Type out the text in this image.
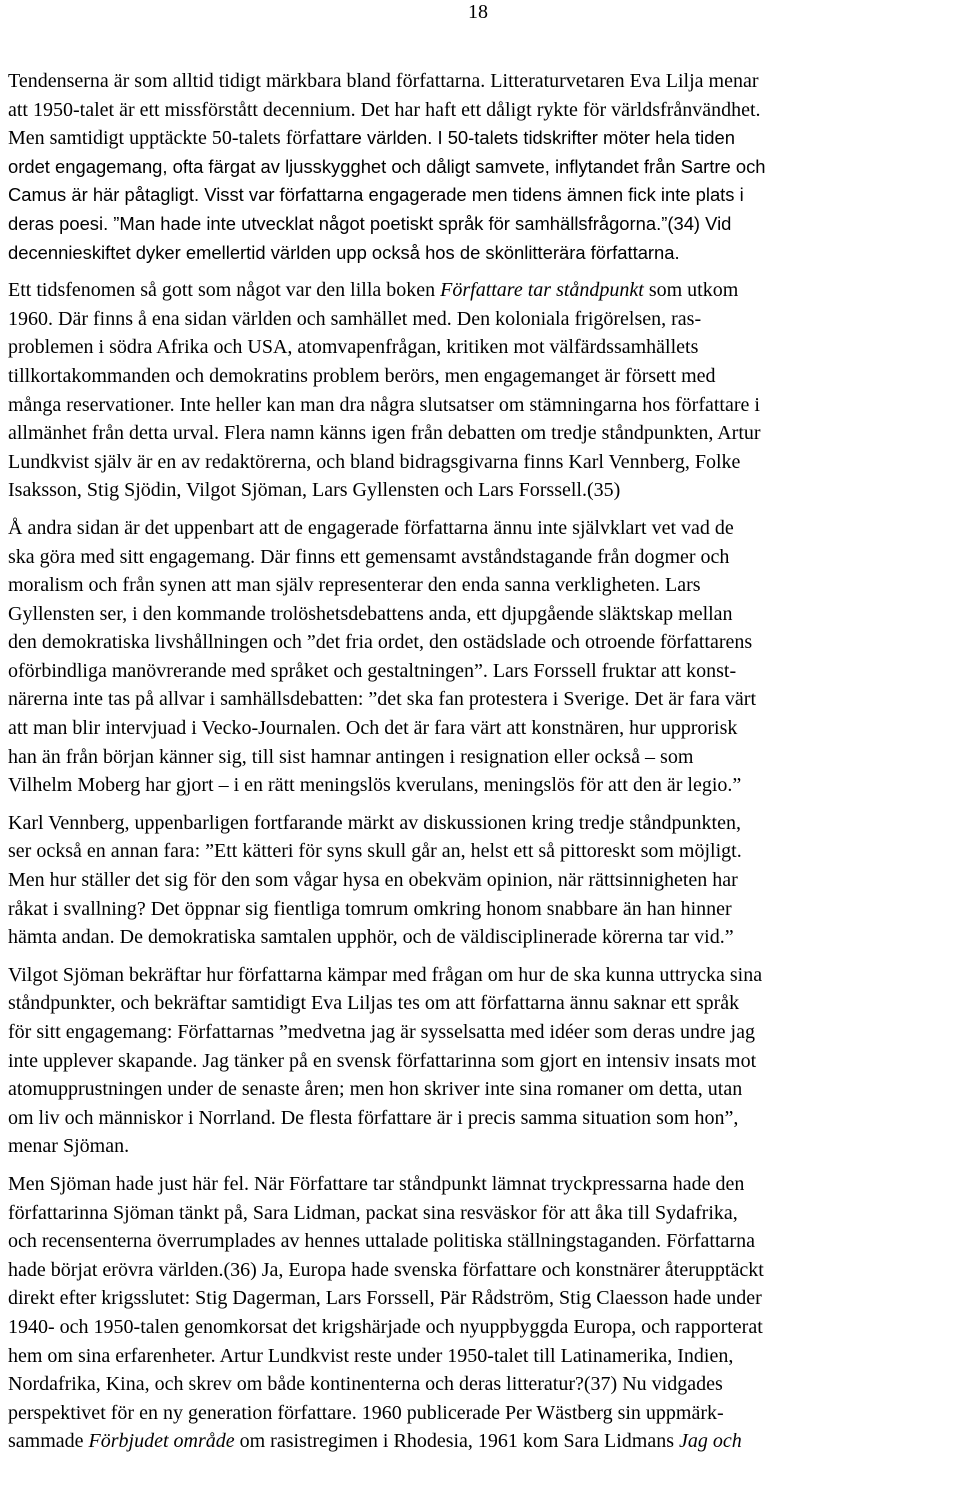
18
Tendenserna är som alltid tidigt märkbara bland författarna. Litteraturvetaren Eva Lilja menar
att 1950-talet är ett missförstått decennium. Det har haft ett dåligt rykte för världsfrånvändhet.
Men samtidigt upptäckte 50-talets författare världen. I 50-talets tidskrifter möter hela tiden
ordet engagemang, ofta färgat av ljusskygghet och dåligt samvete, inflytandet från Sartre och
Camus är här påtagligt. Visst var författarna engagerade men tidens ämnen fick inte plats i
deras poesi. ”Man hade inte utvecklat något poetiskt språk för samhällsfrågorna.”(34) Vid
decennieskiftet dyker emellertid världen upp också hos de skönlitterära författarna.
Ett tidsfenomen så gott som något var den lilla boken Författare tar ståndpunkt som utkom
1960. Där finns å ena sidan världen och samhället med. Den koloniala frigörelsen, ras-
problemen i södra Afrika och USA, atomvapenfrågan, kritiken mot välfärdssamhällets
tillkortakommanden och demokratins problem berörs, men engagemanget är försett med
många reservationer. Inte heller kan man dra några slutsatser om stämningarna hos författare i
allmänhet från detta urval. Flera namn känns igen från debatten om tredje ståndpunkten, Artur
Lundkvist själv är en av redaktörerna, och bland bidragsgivarna finns Karl Vennberg, Folke
Isaksson, Stig Sjödin, Vilgot Sjöman, Lars Gyllensten och Lars Forssell.(35)
Å andra sidan är det uppenbart att de engagerade författarna ännu inte självklart vet vad de
ska göra med sitt engagemang. Där finns ett gemensamt avståndstagande från dogmer och
moralism och från synen att man själv representerar den enda sanna verkligheten. Lars
Gyllensten ser, i den kommande trolöshetsdebattens anda, ett djupgående släktskap mellan
den demokratiska livshållningen och ”det fria ordet, den ostädslade och otroende författarens
oförbindliga manövrerande med språket och gestaltningen”. Lars Forssell fruktar att konst-
närerna inte tas på allvar i samhällsdebatten: ”det ska fan protestera i Sverige. Det är fara värt
att man blir intervjuad i Vecko-Journalen. Och det är fara värt att konstnären, hur upprorisk
han än från början känner sig, till sist hamnar antingen i resignation eller också – som
Vilhelm Moberg har gjort – i en rätt meningslös kverulans, meningslös för att den är legio.”
Karl Vennberg, uppenbarligen fortfarande märkt av diskussionen kring tredje ståndpunkten,
ser också en annan fara: ”Ett kätteri för syns skull går an, helst ett så pittoreskt som möjligt.
Men hur ställer det sig för den som vågar hysa en obekväm opinion, när rättsinnigheten har
råkat i svallning? Det öppnar sig fientliga tomrum omkring honom snabbare än han hinner
hämta andan. De demokratiska samtalen upphör, och de väldisciplinerade körerna tar vid.”
Vilgot Sjöman bekräftar hur författarna kämpar med frågan om hur de ska kunna uttrycka sina
ståndpunkter, och bekräftar samtidigt Eva Liljas tes om att författarna ännu saknar ett språk
för sitt engagemang: Författarnas ”medvetna jag är sysselsatta med idéer som deras undre jag
inte upplever skapande. Jag tänker på en svensk författarinna som gjort en intensiv insats mot
atomupprustningen under de senaste åren; men hon skriver inte sina romaner om detta, utan
om liv och människor i Norrland. De flesta författare är i precis samma situation som hon”,
menar Sjöman.
Men Sjöman hade just här fel. När Författare tar ståndpunkt lämnat tryckpressarna hade den
författarinna Sjöman tänkt på, Sara Lidman, packat sina resväskor för att åka till Sydafrika,
och recensenterna överrumplades av hennes uttalade politiska ställningstaganden. Författarna
hade börjat erövra världen.(36) Ja, Europa hade svenska författare och konstnärer återupptäckt
direkt efter krigsslutet: Stig Dagerman, Lars Forssell, Pär Rådström, Stig Claesson hade under
1940- och 1950-talen genomkorsat det krigshärjade och nyuppbyggda Europa, och rapporterat
hem om sina erfarenheter. Artur Lundkvist reste under 1950-talet till Latinamerika, Indien,
Nordafrika, Kina, och skrev om både kontinenterna och deras litteratur?(37) Nu vidgades
perspektivet för en ny generation författare. 1960 publicerade Per Wästberg sin uppmärk-
sammade Förbjudet område om rasistregimen i Rhodesia, 1961 kom Sara Lidmans Jag och
